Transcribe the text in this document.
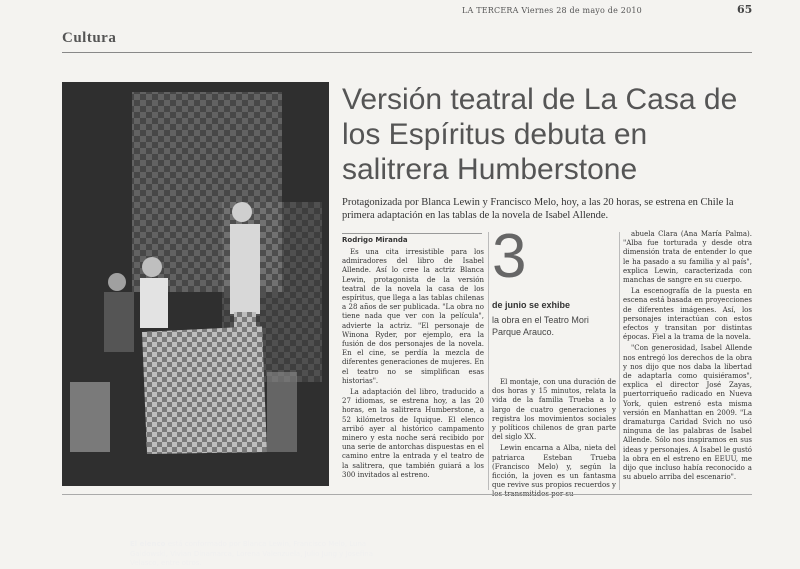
LA TERCERA Viernes 28 de mayo de 2010	65
Cultura
El elenco está conformado por Blanca Lewin, Francisco Melo, Luna Gaidowski, Vivian Dinamarca, Lorena Valenzuela, Julio Jung y Josefina Velasco, entre otros.
Versión teatral de La Casa de los Espíritus debuta en salitrera Humberstone
Protagonizada por Blanca Lewin y Francisco Melo, hoy, a las 20 horas, se estrena en Chile la primera adaptación en las tablas de la novela de Isabel Allende.
Rodrigo Miranda

Es una cita irresistible para los admiradores del libro de Isabel Allende. Así lo cree la actriz Blanca Lewin, protagonista de la versión teatral de la novela la casa de los espíritus, que llega a las tablas chilenas a 28 años de ser publicada. "La obra no tiene nada que ver con la película", advierte la actriz. "El personaje de Winona Ryder, por ejemplo, era la fusión de dos personajes de la novela. En el cine, se perdía la mezcla de diferentes generaciones de mujeres. En el teatro no se simplifican esas historias".

La adaptación del libro, traducido a 27 idiomas, se estrena hoy, a las 20 horas, en la salitrera Humberstone, a 52 kilómetros de Iquique. El elenco arribó ayer al histórico campamento minero y esta noche será recibido por una serie de antorchas dispuestas en el camino entre la entrada y el teatro de la salitrera, que también guiará a los 300 invitados al estreno.

3
de junio se exhibe
la obra en el Teatro Mori Parque Arauco.

El montaje, con una duración de dos horas y 15 minutos, relata la vida de la familia Trueba a lo largo de cuatro generaciones y registra los movimientos sociales y políticos chilenos de gran parte del siglo XX.

Lewin encarna a Alba, nieta del patriarca Esteban Trueba (Francisco Melo) y, según la ficción, la joven es un fantasma que revive sus propios recuerdos y

abuela Clara (Ana María Palma). "Alba fue torturada y desde otra dimensión trata de entender lo que le ha pasado a su familia y al país", explica Lewin, caracterizada con manchas de sangre en su cuerpo.

La escenografía de la puesta en escena está basada en proyecciones de diferentes imágenes. Así, los personajes interactúan con estos efectos y transitan por distintas épocas. Fiel a la trama de la novela.

"Con generosidad, Isabel Allende nos entregó los derechos de la obra y nos dijo que nos daba la libertad de adaptarla como quisiéramos", explica el director José Zayas, puertorriqueño radicado en Nueva York, quien estrenó esta misma versión en Manhattan en 2009. "La dramaturga Caridad Svich no usó ninguna de las palabras de Isabel Allende. Sólo nos inspiramos en sus ideas y personajes. A Isabel le gustó la obra en el estreno en EEUU, me dijo que incluso había reconocido a su abuelo arriba del escenario".
